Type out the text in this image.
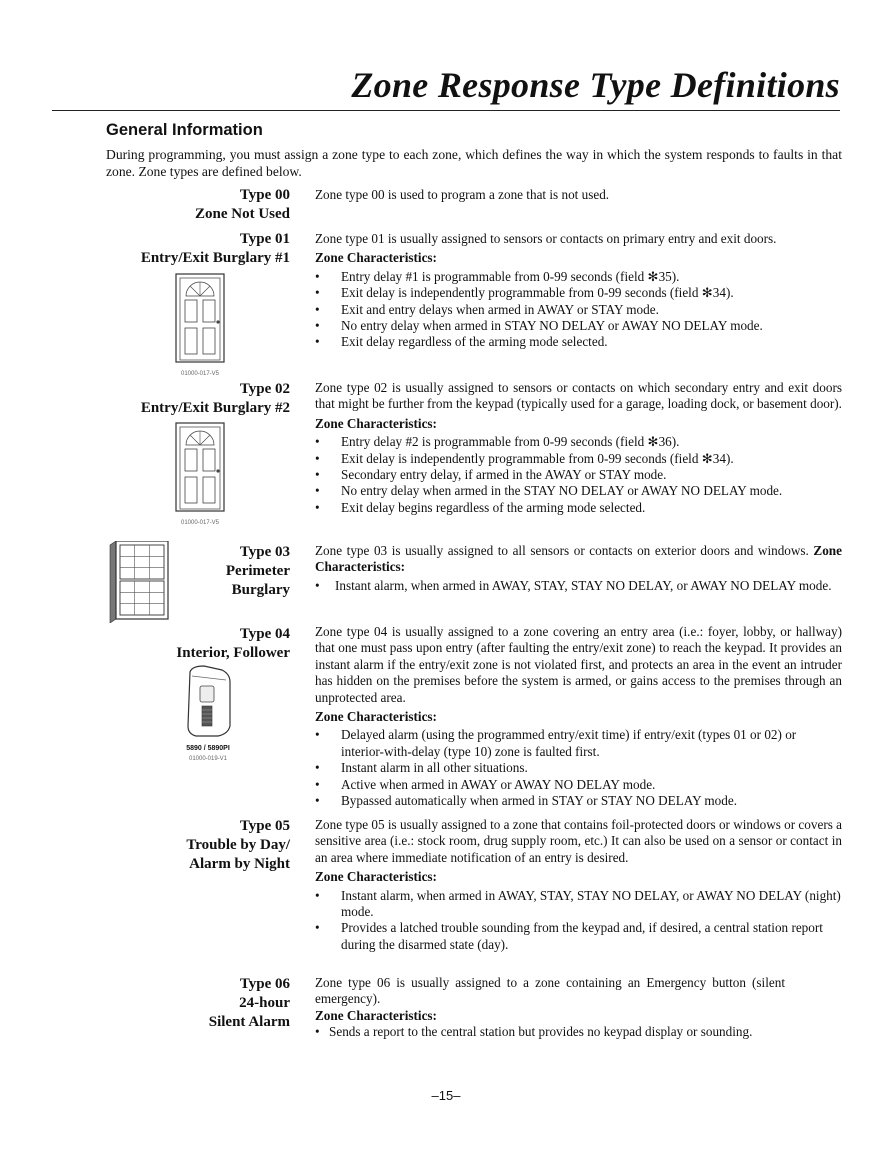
Zone Response Type Definitions
General Information
During programming, you must assign a zone type to each zone, which defines the way in which the system responds to faults in that zone. Zone types are defined below.
Type 00
Zone Not Used

Zone type 00 is used to program a zone that is not used.

Type 01
Entry/Exit Burglary #1
01000-017-V5

Zone type 01 is usually assigned to sensors or contacts on primary entry and exit doors.

Zone Characteristics:

• Entry delay #1 is programmable from 0-99 seconds (field ✻35).
• Exit delay is independently programmable from 0-99 seconds (field ✻34).
• Exit and entry delays when armed in AWAY or STAY mode.
• No entry delay when armed in STAY NO DELAY or AWAY NO DELAY mode.
• Exit delay regardless of the arming mode selected.
Type 02
Entry/Exit Burglary #2
01000-017-V5

Zone type 02 is usually assigned to sensors or contacts on which secondary entry and exit doors that might be further from the keypad (typically used for a garage, loading dock, or basement door).

Zone Characteristics:

• Entry delay #2 is programmable from 0-99 seconds (field ✻36).
• Exit delay is independently programmable from 0-99 seconds (field ✻34).
• Secondary entry delay, if armed in the AWAY or STAY mode.
• No entry delay when armed in the STAY NO DELAY or AWAY NO DELAY mode.
• Exit delay begins regardless of the arming mode selected.
Type 03
Perimeter
Burglary

Zone type 03 is usually assigned to all sensors or contacts on exterior doors and windows. Zone Characteristics:

• Instant alarm, when armed in AWAY, STAY, STAY NO DELAY, or AWAY NO DELAY mode.
Type 04
Interior, Follower
5890 / 5890PI
01000-019-V1

Zone type 04 is usually assigned to a zone covering an entry area (i.e.: foyer, lobby, or hallway) that one must pass upon entry (after faulting the entry/exit zone) to reach the keypad. It provides an instant alarm if the entry/exit zone is not violated first, and protects an area in the event an intruder has hidden on the premises before the system is armed, or gains access to the premises through an unprotected area.

Zone Characteristics:

• Delayed alarm (using the programmed entry/exit time) if entry/exit (types 01 or 02) or interior-with-delay (type 10) zone is faulted first.
• Instant alarm in all other situations.
• Active when armed in AWAY or AWAY NO DELAY mode.
• Bypassed automatically when armed in STAY or STAY NO DELAY mode.
Type 05
Trouble by Day/
Alarm by Night

Zone type 05 is usually assigned to a zone that contains foil-protected doors or windows or covers a sensitive area (i.e.: stock room, drug supply room, etc.) It can also be used on a sensor or contact in an area where immediate notification of an entry is desired.

Zone Characteristics:

• Instant alarm, when armed in AWAY, STAY, STAY NO DELAY, or AWAY NO DELAY (night) mode.
• Provides a latched trouble sounding from the keypad and, if desired, a central station report during the disarmed state (day).
Type 06
24-hour
Silent Alarm

Zone type 06 is usually assigned to a zone containing an Emergency button (silent emergency).

Zone Characteristics:

• Sends a report to the central station but provides no keypad display or sounding.
–15–
